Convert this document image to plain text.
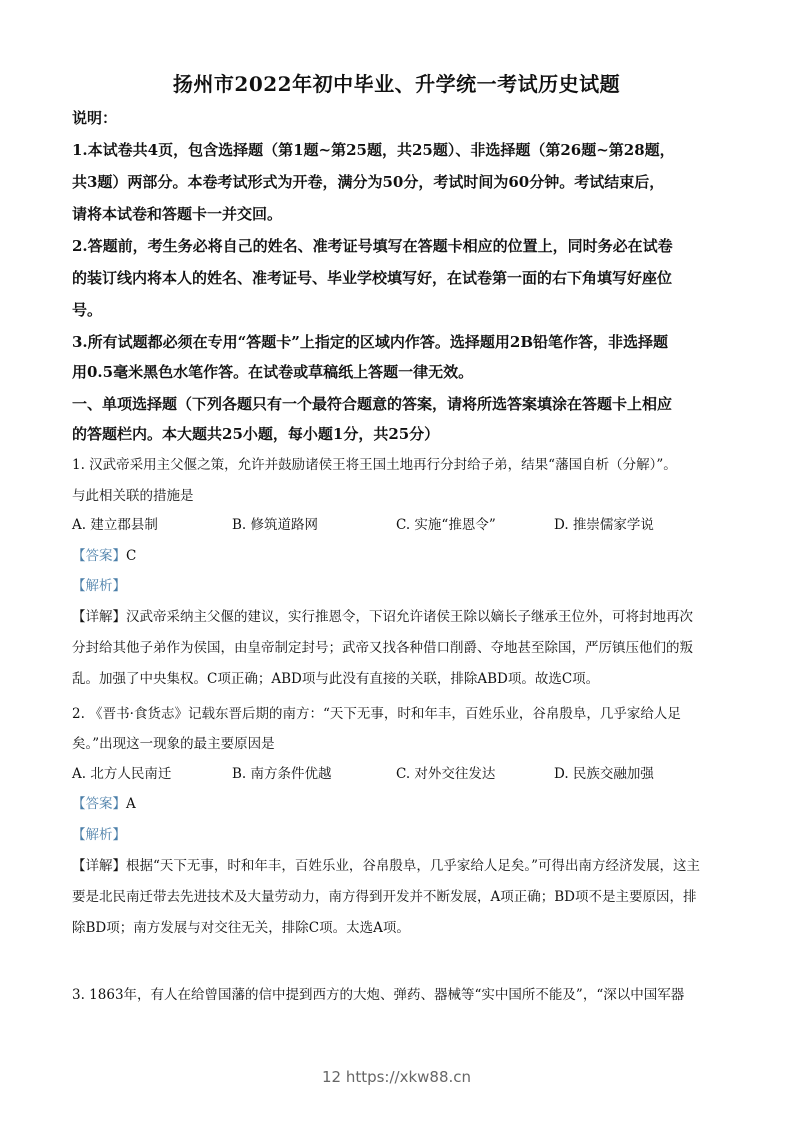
扬州市2022年初中毕业、升学统一考试历史试题
说明：
1.本试卷共4页，包含选择题（第1题~第25题，共25题）、非选择题（第26题~第28题，
共3题）两部分。本卷考试形式为开卷，满分为50分，考试时间为60分钟。考试结束后，
请将本试卷和答题卡一并交回。
2.答题前，考生务必将自己的姓名、准考证号填写在答题卡相应的位置上，同时务必在试卷
的装订线内将本人的姓名、准考证号、毕业学校填写好，在试卷第一面的右下角填写好座位
号。
3.所有试题都必须在专用“答题卡”上指定的区域内作答。选择题用2B铅笔作答，非选择题
用0.5毫米黑色水笔作答。在试卷或草稿纸上答题一律无效。
一、单项选择题（下列各题只有一个最符合题意的答案，请将所选答案填涂在答题卡上相应
的答题栏内。本大题共25小题，每小题1分，共25分）
1. 汉武帝采用主父偃之策，允许并鼓励诸侯王将王国土地再行分封给子弟，结果“藩国自析（分解）”。
与此相关联的措施是
A. 建立郡县制	B. 修筑道路网	C. 实施“推恩令”	D. 推崇儒家学说
【答案】C
【解析】
【详解】汉武帝采纳主父偃的建议，实行推恩令，下诏允许诸侯王除以嫡长子继承王位外，可将封地再次
分封给其他子弟作为侯国，由皇帝制定封号；武帝又找各种借口削爵、夺地甚至除国，严厉镇压他们的叛
乱。加强了中央集权。C项正确；ABD项与此没有直接的关联，排除ABD项。故选C项。
2. 《晋书·食货志》记载东晋后期的南方：“天下无事，时和年丰，百姓乐业，谷帛殷阜，几乎家给人足
矣。”出现这一现象的最主要原因是
A. 北方人民南迁	B. 南方条件优越	C. 对外交往发达	D. 民族交融加强
【答案】A
【解析】
【详解】根据“天下无事，时和年丰，百姓乐业，谷帛殷阜，几乎家给人足矣。”可得出南方经济发展，这主
要是北民南迁带去先进技术及大量劳动力，南方得到开发并不断发展，A项正确；BD项不是主要原因，排
除BD项；南方发展与对交往无关，排除C项。太选A项。
3. 1863年，有人在给曾国藩的信中提到西方的大炮、弹药、器械等“实中国所不能及”，“深以中国军器
12 https://xkw88.cn
